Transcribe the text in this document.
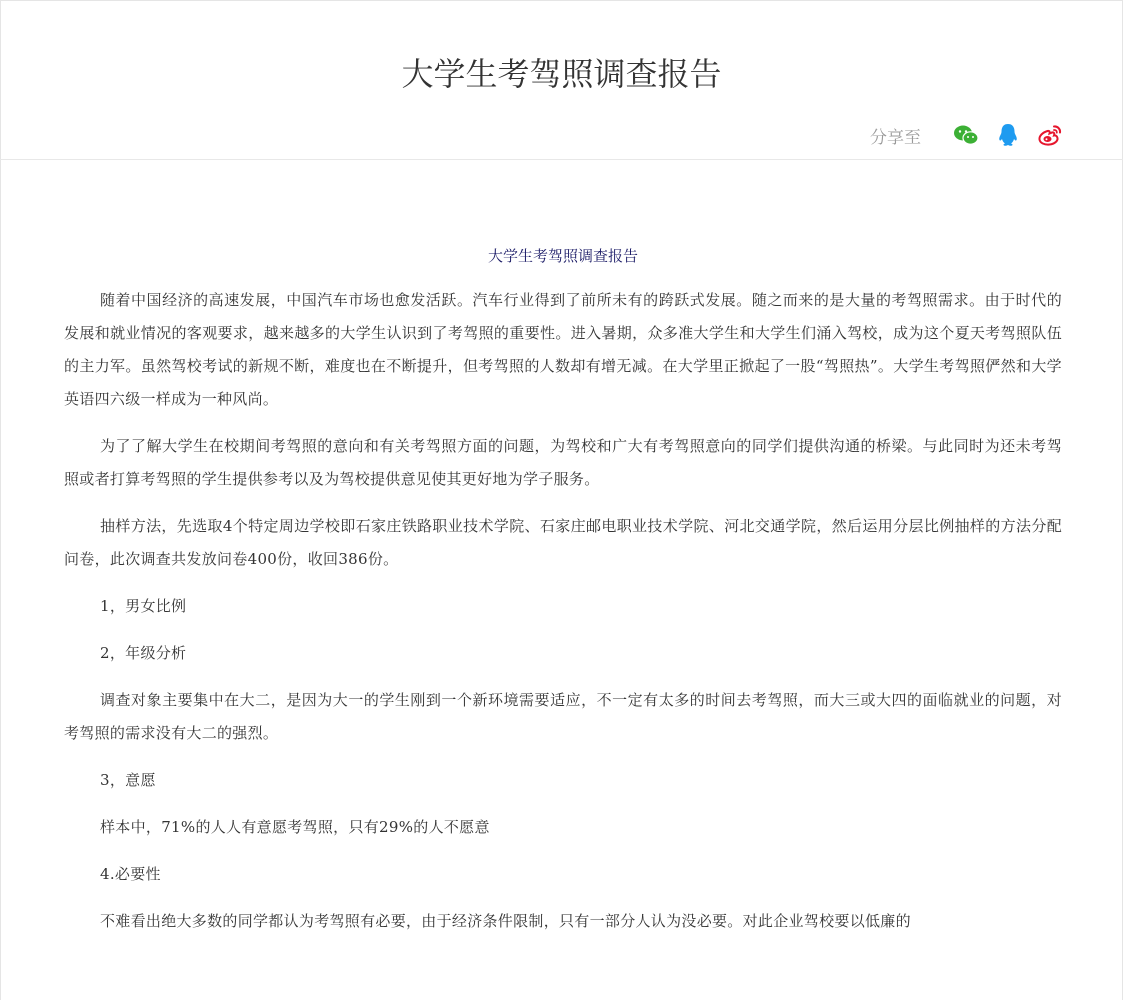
大学生考驾照调查报告
分享至
大学生考驾照调查报告

随着中国经济的高速发展，中国汽车市场也愈发活跃。汽车行业得到了前所未有的跨跃式发展。随之而来的是大量的考驾照需求。由于时代的发展和就业情况的客观要求，越来越多的大学生认识到了考驾照的重要性。进入暑期，众多准大学生和大学生们涌入驾校，成为这个夏天考驾照队伍的主力军。虽然驾校考试的新规不断，难度也在不断提升，但考驾照的人数却有增无减。在大学里正掀起了一股“驾照热”。大学生考驾照俨然和大学英语四六级一样成为一种风尚。

为了了解大学生在校期间考驾照的意向和有关考驾照方面的问题，为驾校和广大有考驾照意向的同学们提供沟通的桥梁。与此同时为还未考驾照或者打算考驾照的学生提供参考以及为驾校提供意见使其更好地为学子服务。

抽样方法，先选取4个特定周边学校即石家庄铁路职业技术学院、石家庄邮电职业技术学院、河北交通学院，然后运用分层比例抽样的方法分配问卷，此次调查共发放问卷400份，收回386份。

1，男女比例

2，年级分析

调查对象主要集中在大二，是因为大一的学生刚到一个新环境需要适应，不一定有太多的时间去考驾照，而大三或大四的面临就业的问题，对考驾照的需求没有大二的强烈。

3，意愿

样本中，71%的人人有意愿考驾照，只有29%的人不愿意

4.必要性

不难看出绝大多数的同学都认为考驾照有必要，由于经济条件限制，只有一部分人认为没必要。对此企业驾校要以低廉的
